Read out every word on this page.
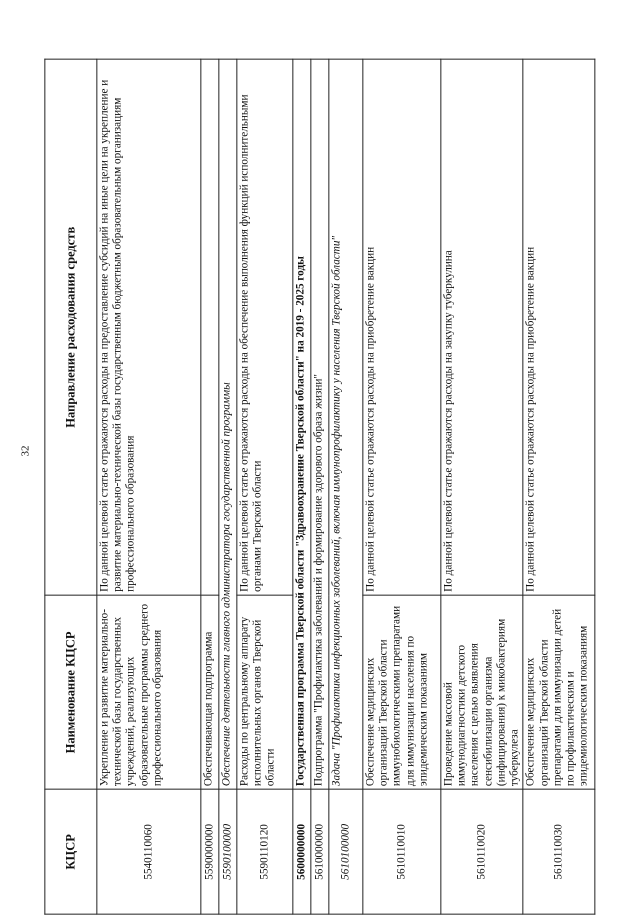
32
КЦСР	Наименование КЦСР	Направление расходования средств
5540110060	Укрепление и развитие материально-технической базы государственных учреждений, реализующих образовательные программы среднего профессионального образования	По данной целевой статье отражаются расходы на предоставление субсидий на иные цели на укрепление и развитие материально-технической базы государственным бюджетным образовательным организациям профессионального образования
5590000000	Обеспечивающая подпрограмма	
5590100000	Обеспечение деятельности главного администратора государственной программы	
5590110120	Расходы по центральному аппарату исполнительных органов Тверской области	По данной целевой статье отражаются расходы на обеспечение выполнения функций исполнительными органами Тверской области
5600000000	Государственная программа Тверской области "Здравоохранение Тверской области" на 2019 - 2025 годы	
5610000000	Подпрограмма "Профилактика заболеваний и формирование здорового образа жизни"	
5610100000	Задача "Профилактика инфекционных заболеваний, включая иммунопрофилактику у населения Тверской области"	
5610110010	Обеспечение медицинских организаций Тверской области иммунобиологическими препаратами для иммунизации населения по эпидемическим показаниям	По данной целевой статье отражаются расходы на приобретение вакцин
5610110020	Проведение массовой иммунодиагностики детского населения с целью выявления сенсибилизации организма (инфицирования) к микобактериям туберкулеза	По данной целевой статье отражаются расходы на закупку туберкулина
5610110030	Обеспечение медицинских организаций Тверской области препаратами для иммунизации детей по профилактическим и эпидемиологическим показаниям	По данной целевой статье отражаются расходы на приобретение вакцин
